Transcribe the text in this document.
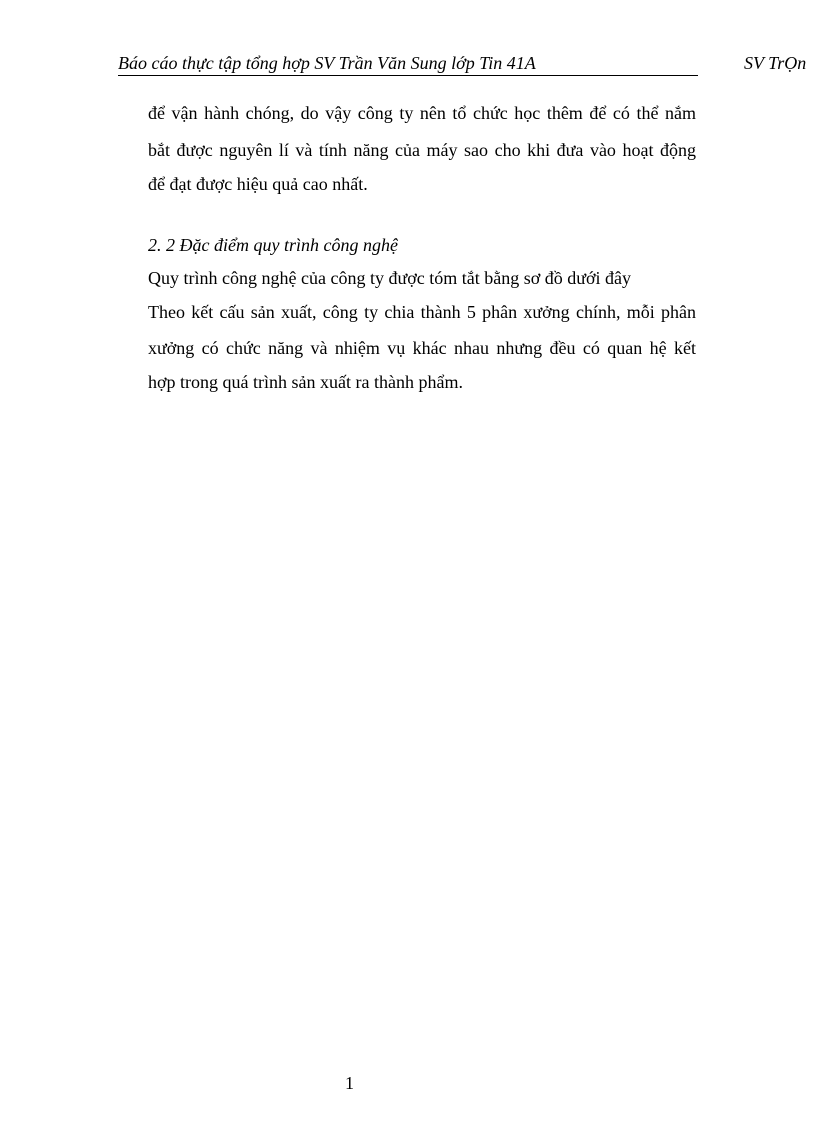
Báo cáo thực tập tổng hợp SV Trần Văn Sung lớp Tin 41A	SV TrỌn
để vận hành chóng, do vậy công ty nên tổ chức học thêm để có thể nắm
bắt được nguyên lí và tính năng của máy sao cho khi đưa vào hoạt động
để đạt được hiệu quả cao nhất.
2. 2 Đặc điểm quy trình công nghệ
Quy trình công nghệ của công ty được tóm tắt bằng sơ đồ dưới đây
Theo kết cấu sản xuất, công ty chia thành 5 phân xưởng chính, mỗi phân
xưởng có chức năng và nhiệm vụ khác nhau nhưng đều có quan hệ kết
hợp trong quá trình sản xuất ra thành phẩm.
1
